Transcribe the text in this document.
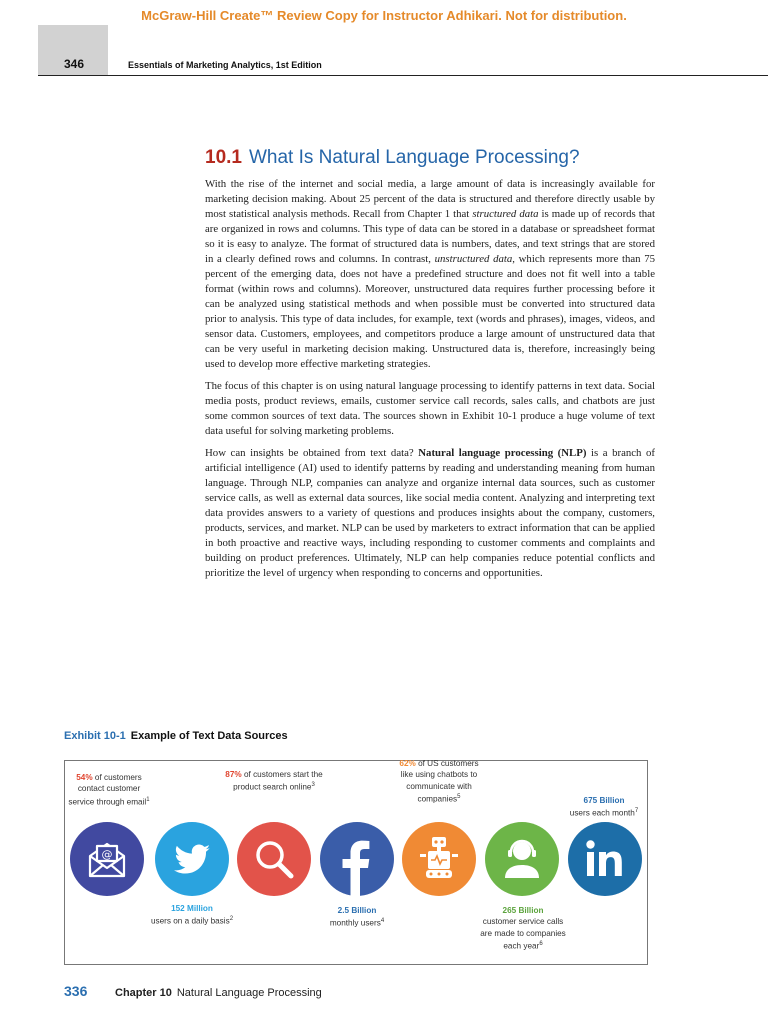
McGraw-Hill Create™ Review Copy for Instructor Adhikari. Not for distribution.
346	Essentials of Marketing Analytics, 1st Edition
10.1 What Is Natural Language Processing?

With the rise of the internet and social media, a large amount of data is increasingly available for marketing decision making. About 25 percent of the data is structured and therefore directly usable by most statistical analysis methods. Recall from Chapter 1 that structured data is made up of records that are organized in rows and columns. This type of data can be stored in a database or spreadsheet format so it is easy to analyze. The format of structured data is numbers, dates, and text strings that are stored in a clearly defined rows and columns. In contrast, unstructured data, which represents more than 75 percent of the emerging data, does not have a predefined structure and does not fit well into a table format (within rows and columns). Moreover, unstructured data requires further processing before it can be analyzed using statistical methods and when possible must be converted into structured data prior to analysis. This type of data includes, for example, text (words and phrases), images, videos, and sensor data. Customers, employees, and competitors produce a large amount of unstructured data that can be very useful in marketing decision making. Unstructured data is, therefore, increasingly being used to develop more effective marketing strategies.

The focus of this chapter is on using natural language processing to identify patterns in text data. Social media posts, product reviews, emails, customer service call records, sales calls, and chatbots are just some common sources of text data. The sources shown in Exhibit 10-1 produce a huge volume of text data useful for solving marketing problems.

How can insights be obtained from text data? Natural language processing (NLP) is a branch of artificial intelligence (AI) used to identify patterns by reading and understanding meaning from human language. Through NLP, companies can analyze and organize internal data sources, such as customer service calls, as well as external data sources, like social media content. Analyzing and interpreting text data provides answers to a variety of questions and produces insights about the company, customers, products, services, and market. NLP can be used by marketers to extract information that can be applied in both proactive and reactive ways, including responding to customer comments and complaints and building on product preferences. Ultimately, NLP can help companies reduce potential conflicts and prioritize the level of urgency when responding to concerns and opportunities.

Exhibit 10-1 Example of Text Data Sources
@
54% of customers contact customer service through email$^1$
87% of customers start the product search online$^3$
62% of US customers like using chatbots to communicate with companies$^5$	675 Billion
users each month$^7$
152 Million
users on a daily basis$^2$
2.5 Billion
monthly users$^4$
265 Billion
customer service calls are made to companies each year$^6$
336	Chapter 10 Natural Language Processing
